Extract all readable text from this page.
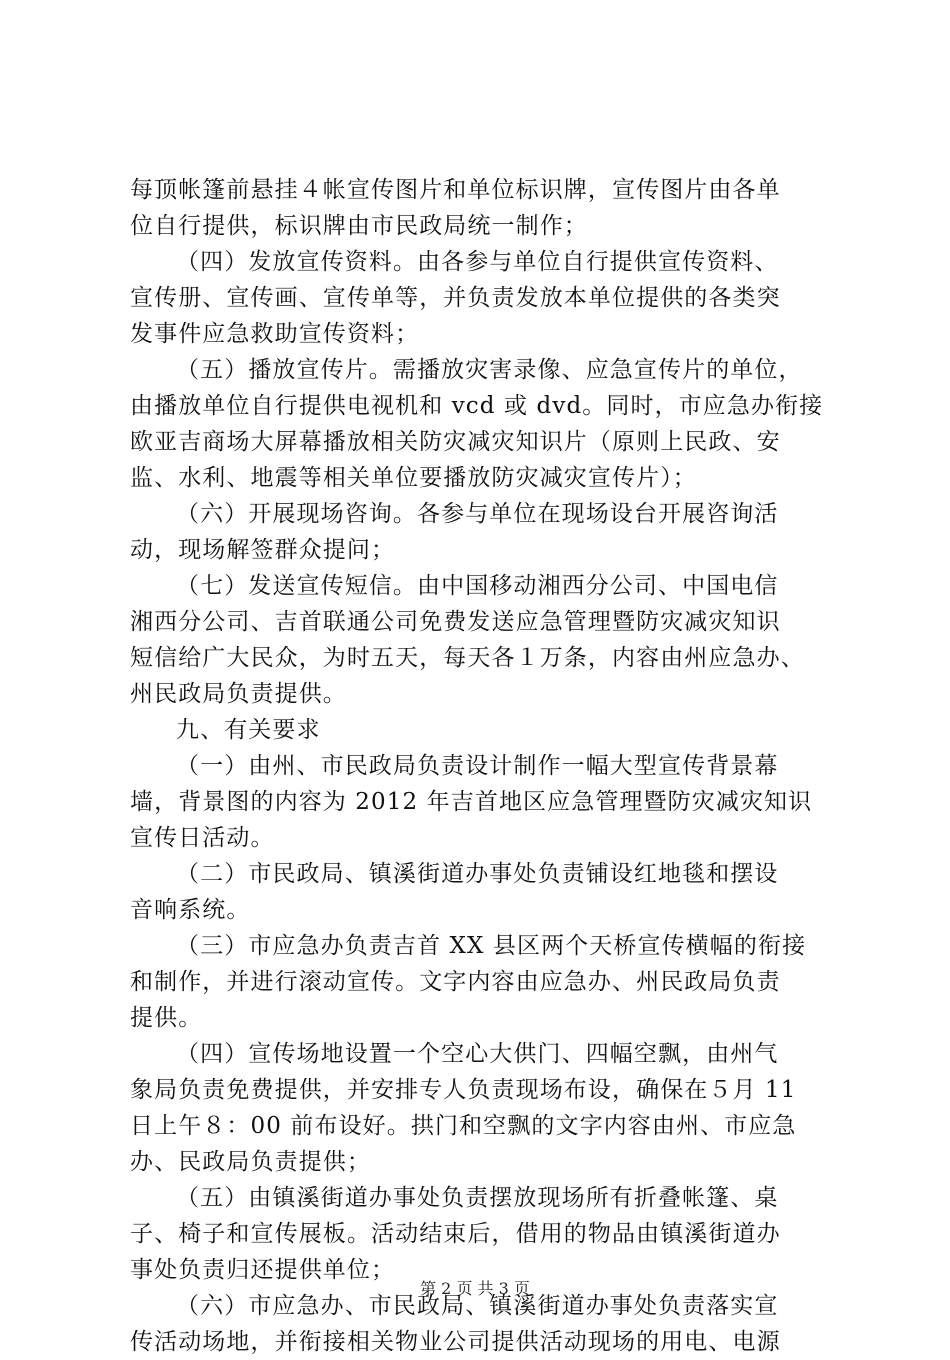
每顶帐篷前悬挂４帐宣传图片和单位标识牌，宣传图片由各单
位自行提供，标识牌由市民政局统一制作；
（四）发放宣传资料。由各参与单位自行提供宣传资料、
宣传册、宣传画、宣传单等，并负责发放本单位提供的各类突
发事件应急救助宣传资料；
（五）播放宣传片。需播放灾害录像、应急宣传片的单位，
由播放单位自行提供电视机和 vcd 或 dvd。同时，市应急办衔接
欧亚吉商场大屏幕播放相关防灾减灾知识片（原则上民政、安
监、水利、地震等相关单位要播放防灾减灾宣传片）；
（六）开展现场咨询。各参与单位在现场设台开展咨询活
动，现场解签群众提问；
（七）发送宣传短信。由中国移动湘西分公司、中国电信
湘西分公司、吉首联通公司免费发送应急管理暨防灾减灾知识
短信给广大民众，为时五天，每天各１万条，内容由州应急办、
州民政局负责提供。
九、有关要求
（一）由州、市民政局负责设计制作一幅大型宣传背景幕
墙，背景图的内容为 2012 年吉首地区应急管理暨防灾减灾知识
宣传日活动。
（二）市民政局、镇溪街道办事处负责铺设红地毯和摆设
音响系统。
（三）市应急办负责吉首 XX 县区两个天桥宣传横幅的衔接
和制作，并进行滚动宣传。文字内容由应急办、州民政局负责
提供。
（四）宣传场地设置一个空心大供门、四幅空飘，由州气
象局负责免费提供，并安排专人负责现场布设，确保在５月 11
日上午８：00 前布设好。拱门和空飘的文字内容由州、市应急
办、民政局负责提供；
（五）由镇溪街道办事处负责摆放现场所有折叠帐篷、桌
子、椅子和宣传展板。活动结束后，借用的物品由镇溪街道办
事处负责归还提供单位；
（六）市应急办、市民政局、镇溪街道办事处负责落实宣
传活动场地，并衔接相关物业公司提供活动现场的用电、电源
第 2 页 共 3 页
